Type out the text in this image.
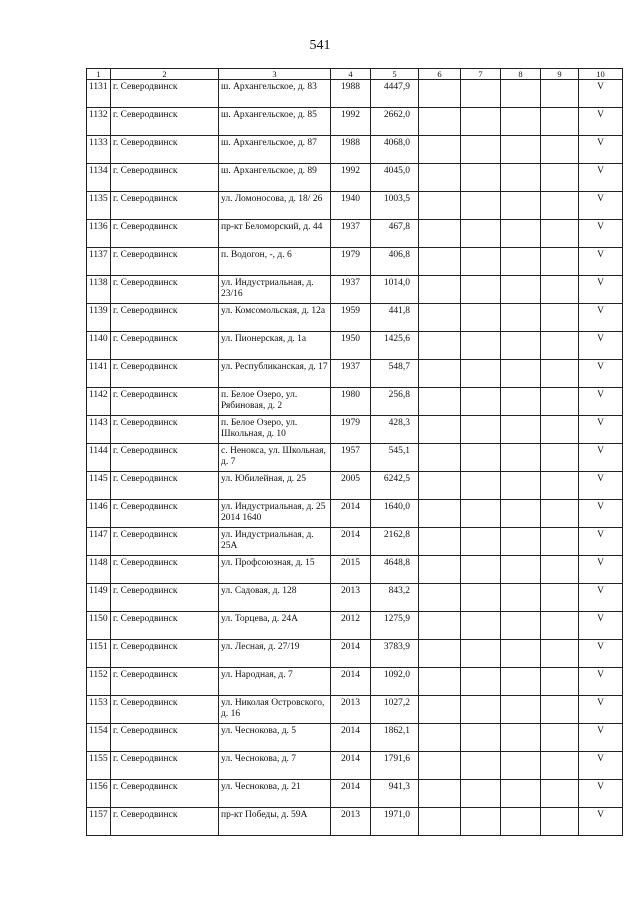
541
1	2	3	4	5	6	7	8	9	10
1131	г. Северодвинск	ш. Архангельское, д. 83	1988	4447,9					V
1132	г. Северодвинск	ш. Архангельское, д. 85	1992	2662,0					V
1133	г. Северодвинск	ш. Архангельское, д. 87	1988	4068,0					V
1134	г. Северодвинск	ш. Архангельское, д. 89	1992	4045,0					V
1135	г. Северодвинск	ул. Ломоносова, д. 18/ 26	1940	1003,5					V
1136	г. Северодвинск	пр-кт Беломорский, д. 44	1937	467,8					V
1137	г. Северодвинск	п. Водогон, -, д. 6	1979	406,8					V
1138	г. Северодвинск	ул. Индустриальная, д. 23/16	1937	1014,0					V
1139	г. Северодвинск	ул. Комсомольская, д. 12а	1959	441,8					V
1140	г. Северодвинск	ул. Пионерская, д. 1а	1950	1425,6					V
1141	г. Северодвинск	ул. Республиканская, д. 17	1937	548,7					V
1142	г. Северодвинск	п. Белое Озеро, ул. Рябиновая, д. 2	1980	256,8					V
1143	г. Северодвинск	п. Белое Озеро, ул. Школьная, д. 10	1979	428,3					V
1144	г. Северодвинск	с. Ненокса, ул. Школьная, д. 7	1957	545,1					V
1145	г. Северодвинск	ул. Юбилейная, д. 25	2005	6242,5					V
1146	г. Северодвинск	ул. Индустриальная, д. 25 2014 1640	2014	1640,0					V
1147	г. Северодвинск	ул. Индустриальная, д. 25А	2014	2162,8					V
1148	г. Северодвинск	ул. Профсоюзная, д. 15	2015	4648,8					V
1149	г. Северодвинск	ул. Садовая, д. 128	2013	843,2					V
1150	г. Северодвинск	ул. Торцева, д. 24А	2012	1275,9					V
1151	г. Северодвинск	ул. Лесная, д. 27/19	2014	3783,9					V
1152	г. Северодвинск	ул. Народная, д. 7	2014	1092,0					V
1153	г. Северодвинск	ул. Николая Островского, д. 16	2013	1027,2					V
1154	г. Северодвинск	ул. Чеснокова, д. 5	2014	1862,1					V
1155	г. Северодвинск	ул. Чеснокова, д. 7	2014	1791,6					V
1156	г. Северодвинск	ул. Чеснокова, д. 21	2014	941,3					V
1157	г. Северодвинск	пр-кт Победы, д. 59А	2013	1971,0					V
